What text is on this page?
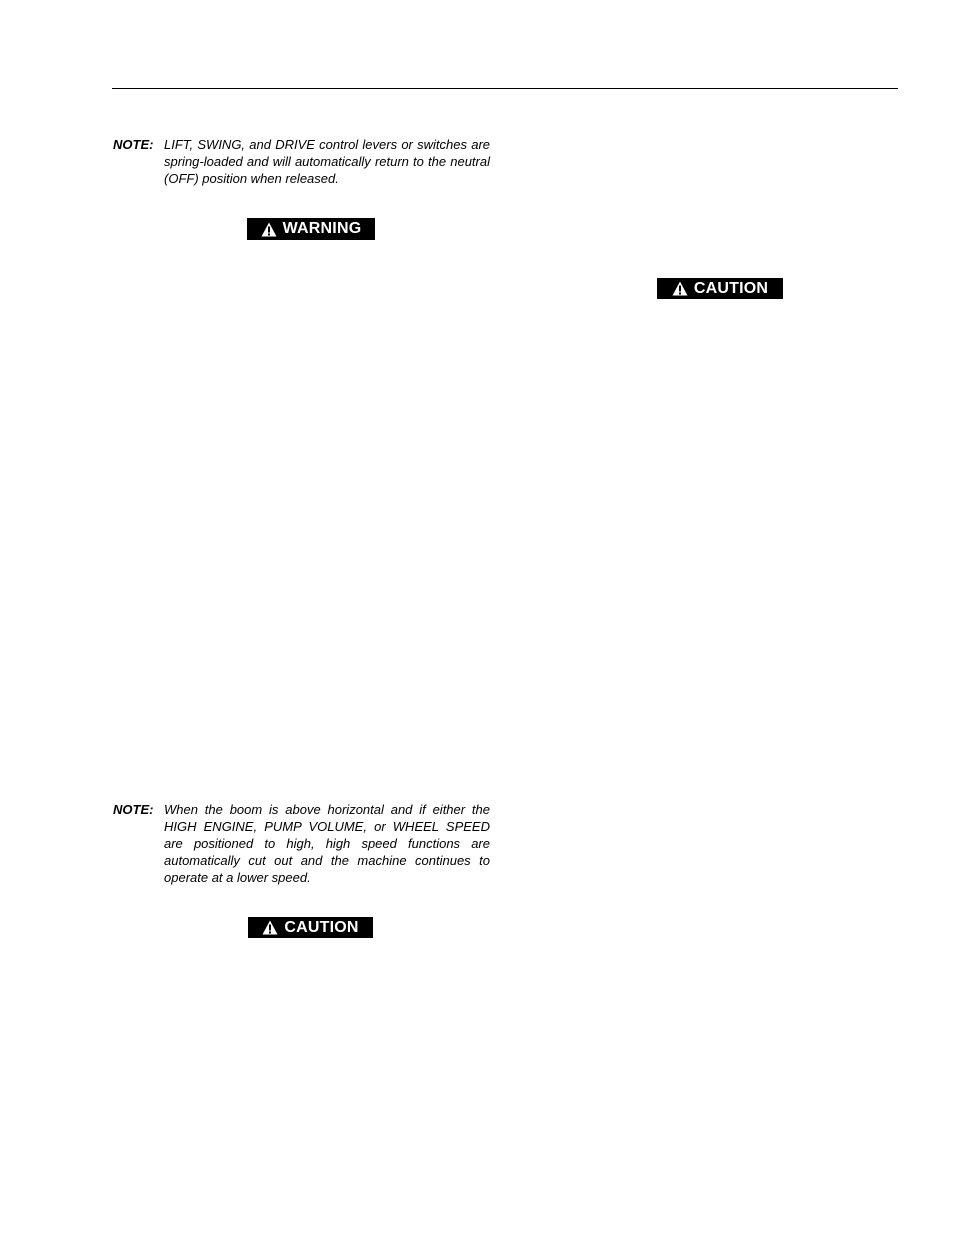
NOTE: LIFT, SWING, and DRIVE control levers or switches are spring-loaded and will automatically return to the neutral (OFF) position when released.
WARNING
CAUTION
NOTE: When the boom is above horizontal and if either the HIGH ENGINE, PUMP VOLUME, or WHEEL SPEED are positioned to high, high speed functions are automatically cut out and the machine continues to operate at a lower speed.
CAUTION
